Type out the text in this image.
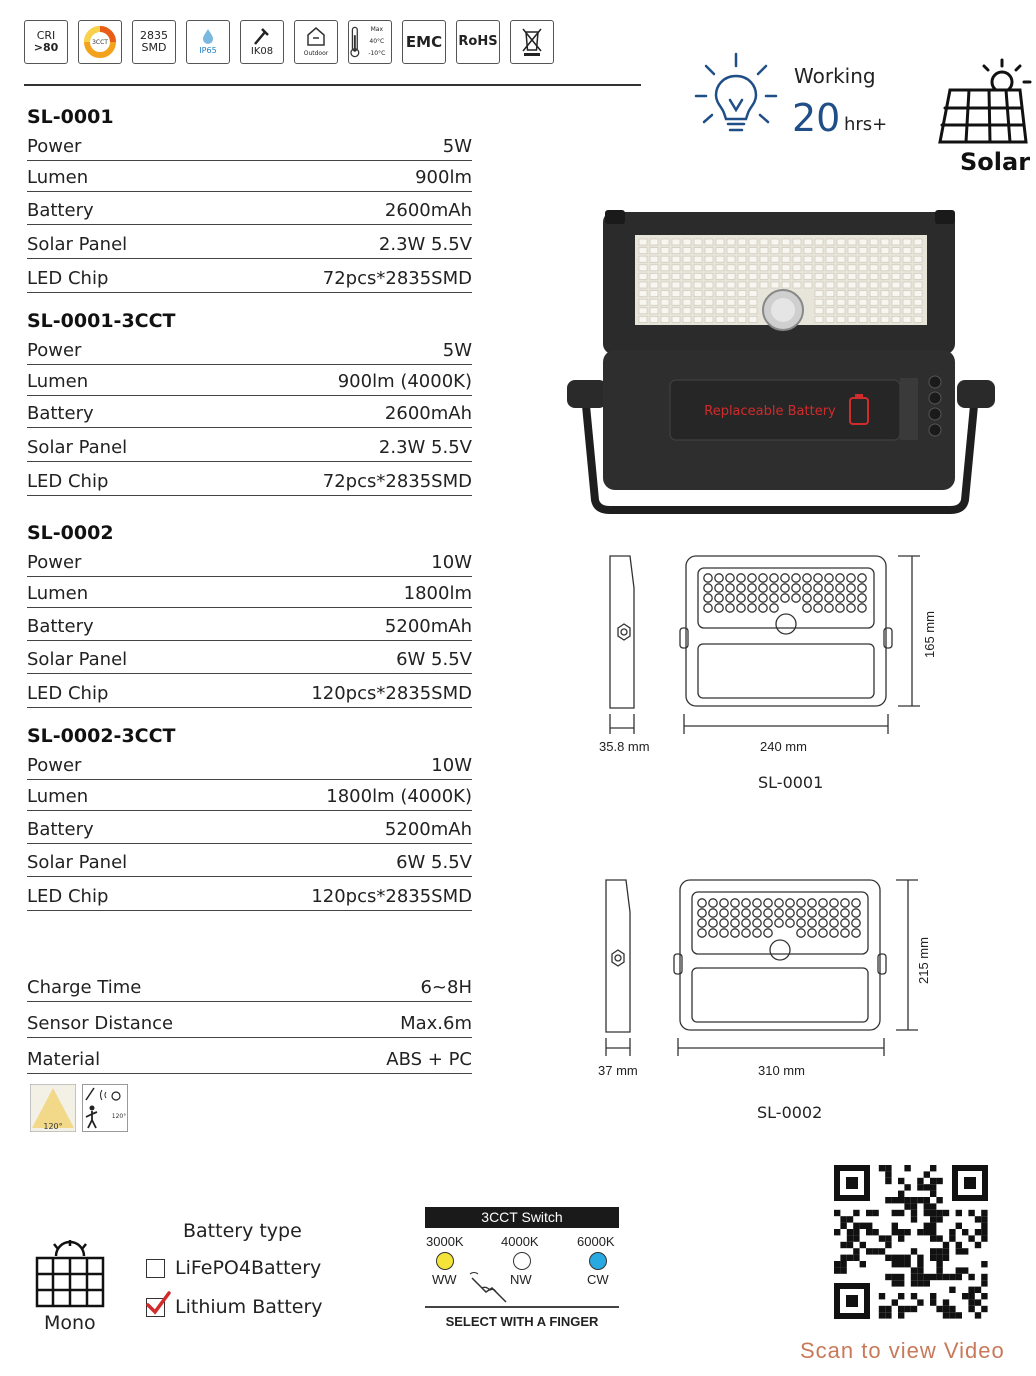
CRI
>80	3CCT
2835
SMD	IP65	IK08	Outdoor
Max 40°C
-10°C
EMC RoHS
Working
20 hrs+
Solar
SL-0001
Power	5W
Lumen	900lm
Battery	2600mAh
Solar Panel	2.3W 5.5V
LED Chip	72pcs*2835SMD
SL-0001-3CCT
Power	5W
Lumen	900lm (4000K)
Battery	2600mAh
Solar Panel	2.3W 5.5V
LED Chip	72pcs*2835SMD
SL-0002
Power	10W
Lumen	1800lm
Battery	5200mAh
Solar Panel	6W 5.5V
LED Chip	120pcs*2835SMD
SL-0002-3CCT
Power	10W
Lumen	1800lm (4000K)
Battery	5200mAh
Solar Panel	6W 5.5V
LED Chip	120pcs*2835SMD
Charge Time	6~8H
Sensor Distance	Max.6m
Material	ABS + PC
120°
120°
Replaceable Battery
35.8 mm	240 mm
165 mm
SL-0001
37 mm	310 mm
215 mm
SL-0002
Mono
Battery type
LiFePO4Battery
Lithium Battery
3CCT Switch
3000K	4000K	6000K
WW	NW	CW
SELECT WITH A FINGER
Scan to view Video
